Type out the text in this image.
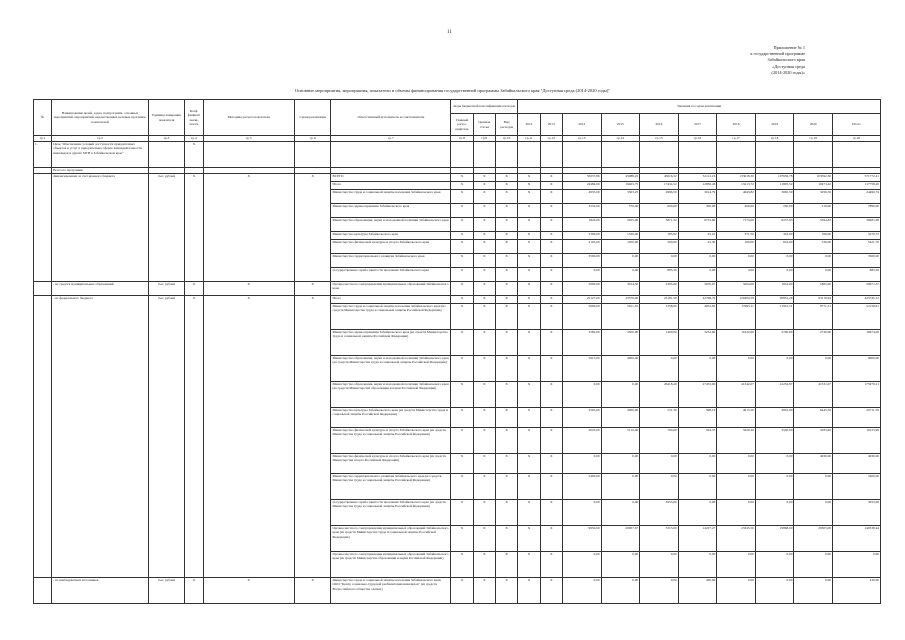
11
Приложение № 1
к государственной программе
Забайкальского края
«Доступная среда
(2014-2020 годы)»
Основные мероприятия, мероприятия, показатели и объемы финансирования государственной программы Забайкальского края "Доступная среда (2014-2020 годы)"
№	Наименование целей, задач, подпрограмм, основных мероприятий, мероприятий, ведомственных целевых программ, показателей	Единица измерения показателя	Коэф. фициент значи- мости	Методика расчета показателя	Сроки реализации	Ответственный исполнитель и соисполнители	Коды бюджетной классификации расходов			Значения по годам реализации									
							Главный распо- рядитель	Целевая статья	Вид расходов	2012	2013	2014	2015	2016	2017	2018	2019	2020	Итого
гр.1	гр.2	гр.3	гр.4	гр.5	гр.6	гр.7	гр.8	гр.9	гр.10	гр.11	гр.12	гр.13	гр.14	гр.15	гр.16	гр.17	гр.18	гр.19	гр.20
1.	Цель "Обеспечение условий доступности приоритетных объектов и услуг в приоритетных сферах жизнедеятельности инвалидов и других МГН в Забайкальском крае"		X																
	Всего по программе:																		
	финансирование за счет краевого бюджета	тыс. рублей	X	X	X	ВСЕГО	X	X	X	X	X	55637,86	45988,25	45016,32	52112,16	133618,30	107636,78	103592,36	571772,41
						Итого	X	X	X	X	X	24484,00	19403,75	17434,52	12836,46	13213,72	11805,52	10473,42	117758,20
						Министерство труда и социальной защиты населения Забайкальского края	X	X	X	X	X	4935,00	3303,25	2996,50	3014,79	4643,82	3665,59	3256,59	24490,74
						Министерство здравоохранения Забайкальского края	X	X	X	X	X	3532,00	370,00	600,00	300,00	400,00	230,00	210,00	7890,00
						Министерство образования, науки и молодежной политики Забайкальского края	X	X	X	X	X	1843,00	2655,00	5871,32	6752,00	7174,00	6237,93	5594,83	38481,68
						Министерство культуры Забайкальского края	X	X	X	X	X	2300,00	1520,00	183,92	45,10	371,50	343,00	166,00	5279,72
						Министерство физической культуры и спорта Забайкальского края	X	X	X	X	X	2105,00	1950,00	500,00	22,30	160,00	616,00	536,00	5421,70
						Министерство территориального развития Забайкальского края	X	X	X	X	X	3500,00	0,00	0,00	0,00	0,00	0,00	0,00	3500,00
						Государственная служба занятости населения Забайкальского края	X	X	X	X	X	0,00	0,00	885,30	0,00	4,00	0,00	0,00	885,30
	- из средств муниципальных образований	тыс. рублей	X	X	X	Органы местного самоуправления муниципальных образований Забайкальского края	X	X	X	X	X	5909,00	3014,50	2395,00	3070,97	3204,00	1932,00	1865,00	20671,37
	- из федерального бюджета	тыс. рублей	X	X	X	Итого	X	X	X	X	X	25127,00	23570,00	25181,50	42798,70	120404,58	95831,26	93119,94	425745,12
						Министерство труда и социальной защиты населения Забайкальского края (из средств Министерства труда и социальной защиты Российской Федерации)	X	X	X	X	X	5900,00	5611,35	1358,00	4952,63	17993,11	11901,51	9771,51	52158,01
						Министерство здравоохранения Забайкальского края (из средств Министерства труда и социальной защиты Российской Федерации)	X	X	X	X	X	3582,00	4500,00	1400,00	3232,00	11632,00	2700,00	2730,00	16674,00
						Министерство образования, науки и молодежной политики Забайкальского края (из средств Министерства труда и социальной защиты Российской Федерации)	X	X	X	X	X	5915,00	4000,00	0,00	0,00	0,00	0,00	0,00	9909,00
						Министерство образования, науки и молодежной политики Забайкальского края (из средств Министерства образования и науки Российской Федерации)	X	X	X	X	X	0,00	0,00	26418,40	27433,00	41342,07	41232,87	41531,07	175979,21
						Министерство культуры Забайкальского края (из средств Министерства труда и социальной защиты Российской Федерации)	X	X	X	X	X	2595,00	3000,00	531,30	598,19	4615,50	4810,00	6445,50	20711,59
						Министерство физической культуры и спорта Забайкальского края (из средств Министерства труда и социальной защиты Российской Федерации)	X	X	X	X	X	2045,00	5110,00	700,00	594,35	3420,20	3530,00	4183,00	19125,99
						Министерство физической культуры и спорта Забайкальского края (из средств Министерства спорта Российской Федерации)	X	X	X	X	X	0,00	0,00	0,00	0,00	0,00	0,00	4030,00	4030,00
						Министерство территориального развития Забайкальского края (из средств Министерства труда и социальной защиты Российской Федерации)	X	X	X	X	X	5400,00	0,00	0,00	0,00	0,00	0,00	0,00	5400,00
						Государственная служба занятости населения Забайкальского края (из средств Министерства труда и социальной защиты Российской Федерации)	X	X	X	X	X	0,00	0,00	3953,00	0,00	0,00	0,00	0,00	3953,00
						Органы местного самоуправления муниципальных образований Забайкальского края (из средств Министерства труда и социальной защиты Российской Федерации)	X	X	X	X	X	9950,00	20907,67	5313,00	14227,27	23345,56	25868,00	26305,00	140538,44
						Органы местного самоуправления муниципальных образований Забайкальского края (из средств Министерства образования и науки Российской Федерации)	X	X	X	X	X	0,00	0,00	0,00	0,00	0,00	0,00	0,00	0,00
	- из внебюджетных источников	тыс. рублей	X	X	X	Министерство труда и социальной защиты населения Забайкальского края, ООО "Центр социально-трудовой реабилитации инвалидов" (из средств Всероссийского общества слепых)	X	X	X	X	X	0,00	0,00	0,00	430,00	0,00	0,00	0,00	430,00
